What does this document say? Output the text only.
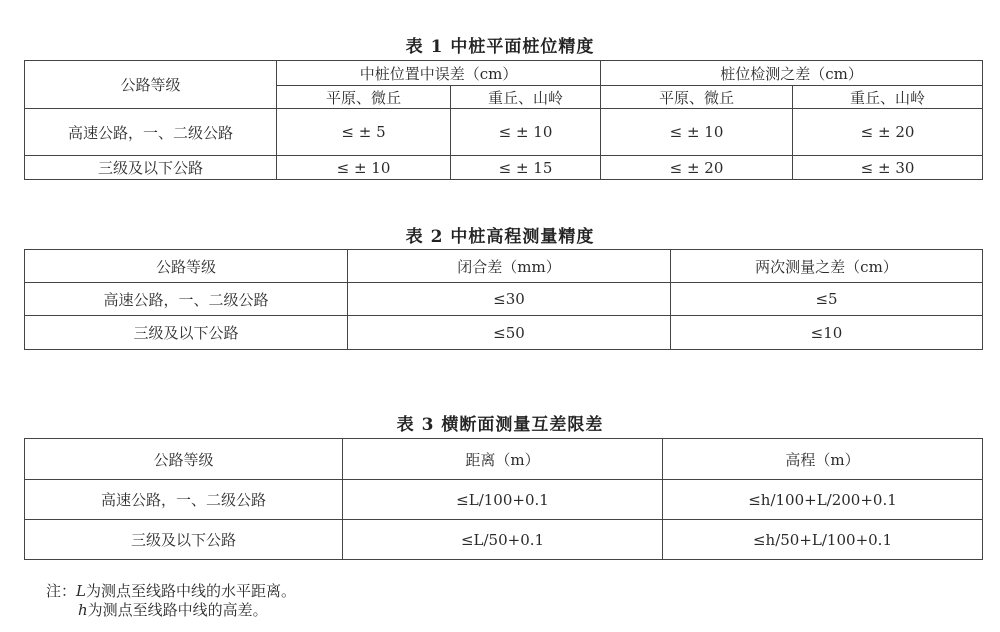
表 1 中桩平面桩位精度
公路等级	中桩位置中误差（cm）		桩位检测之差（cm）	
	平原、微丘	重丘、山岭	平原、微丘	重丘、山岭
高速公路，一、二级公路	≤ ± 5	≤ ± 10	≤ ± 10	≤ ± 20
三级及以下公路	≤ ± 10	≤ ± 15	≤ ± 20	≤ ± 30
表 2 中桩高程测量精度
公路等级	闭合差（mm）	两次测量之差（cm）
高速公路，一、二级公路	≤30	≤5
三级及以下公路	≤50	≤10
表 3 横断面测量互差限差
公路等级	距离（m）	高程（m）
高速公路，一、二级公路	≤L/100+0.1	≤h/100+L/200+0.1
三级及以下公路	≤L/50+0.1	≤h/50+L/100+0.1
注：L为测点至线路中线的水平距离。
h为测点至线路中线的高差。
